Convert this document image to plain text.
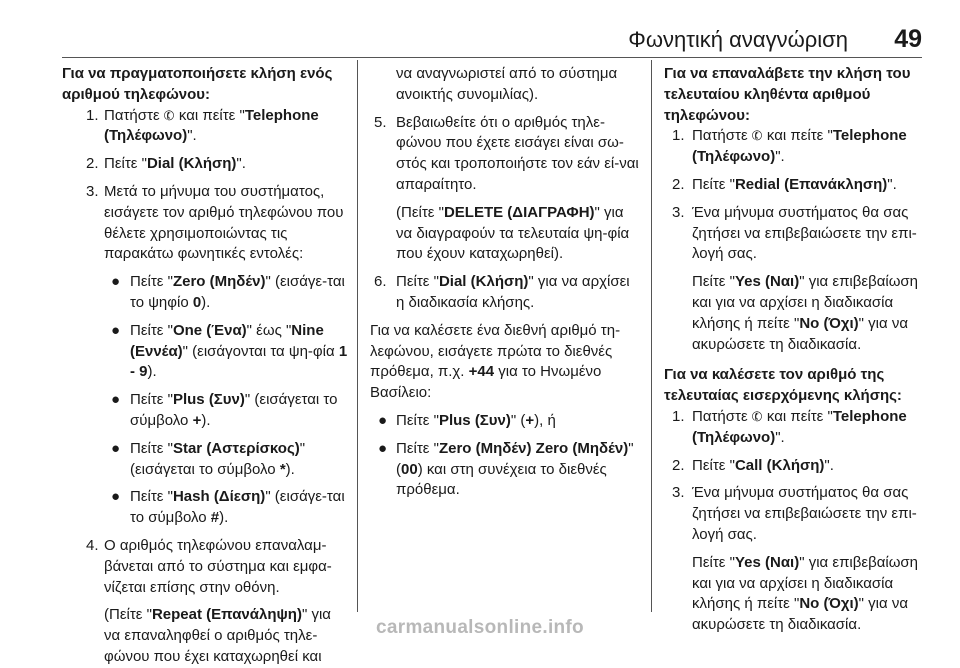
Φωνητική αναγνώριση 49

Για να πραγματοποιήσετε κλήση ενός αριθμού τηλεφώνου:

1. Πατήστε ✆ και πείτε "Telephone (Τηλέφωνο)".

2. Πείτε "Dial (Κλήση)".

3. Μετά το μήνυμα του συστήματος, εισάγετε τον αριθμό τηλεφώνου που θέλετε χρησιμοποιώντας τις παρακάτω φωνητικές εντολές:

● Πείτε "Zero (Μηδέν)" (εισάγε‐ται το ψηφίο 0).

● Πείτε "One (Ένα)" έως "Nine (Εννέα)" (εισάγονται τα ψη‐φία 1 - 9).

● Πείτε "Plus (Συν)" (εισάγεται το σύμβολο +).

● Πείτε "Star (Αστερίσκος)" (εισάγεται το σύμβολο *).

● Πείτε "Hash (Δίεση)" (εισάγε‐ται το σύμβολο #).

4. Ο αριθμός τηλεφώνου επαναλαμ‐βάνεται από το σύστημα και εμφα‐νίζεται επίσης στην οθόνη.

(Πείτε "Repeat (Επανάληψη)" για να επαναληφθεί ο αριθμός τηλε‐φώνου που έχει καταχωρηθεί και

να αναγνωριστεί από το σύστημα ανοικτής συνομιλίας).

5. Βεβαιωθείτε ότι ο αριθμός τηλε‐φώνου που έχετε εισάγει είναι σω‐στός και τροποποιήστε τον εάν εί‐ναι απαραίτητο.

(Πείτε "DELETE (ΔΙΑΓΡΑΦΗ)" για να διαγραφούν τα τελευταία ψη‐φία που έχουν καταχωρηθεί).

6. Πείτε "Dial (Κλήση)" για να αρχίσει η διαδικασία κλήσης.

Για να καλέσετε ένα διεθνή αριθμό τη‐λεφώνου, εισάγετε πρώτα το διεθνές πρόθεμα, π.χ. +44 για το Ηνωμένο Βασίλειο:

● Πείτε "Plus (Συν)" (+), ή

● Πείτε "Zero (Μηδέν) Zero (Μηδέν)" (00) και στη συνέχεια το διεθνές πρόθεμα.

Για να επαναλάβετε την κλήση του τελευταίου κληθέντα αριθμού τηλεφώνου:

1. Πατήστε ✆ και πείτε "Telephone (Τηλέφωνο)".

2. Πείτε "Redial (Επανάκληση)".

3. Ένα μήνυμα συστήματος θα σας ζητήσει να επιβεβαιώσετε την επι‐λογή σας.

Πείτε "Yes (Ναι)" για επιβεβαίωση και για να αρχίσει η διαδικασία κλήσης ή πείτε "No (Όχι)" για να ακυρώσετε τη διαδικασία.

Για να καλέσετε τον αριθμό της τελευταίας εισερχόμενης κλήσης:

1. Πατήστε ✆ και πείτε "Telephone (Τηλέφωνο)".

2. Πείτε "Call (Κλήση)".

3. Ένα μήνυμα συστήματος θα σας ζητήσει να επιβεβαιώσετε την επι‐λογή σας.

Πείτε "Yes (Ναι)" για επιβεβαίωση και για να αρχίσει η διαδικασία κλήσης ή πείτε "No (Όχι)" για να ακυρώσετε τη διαδικασία.

carmanualsonline.info
